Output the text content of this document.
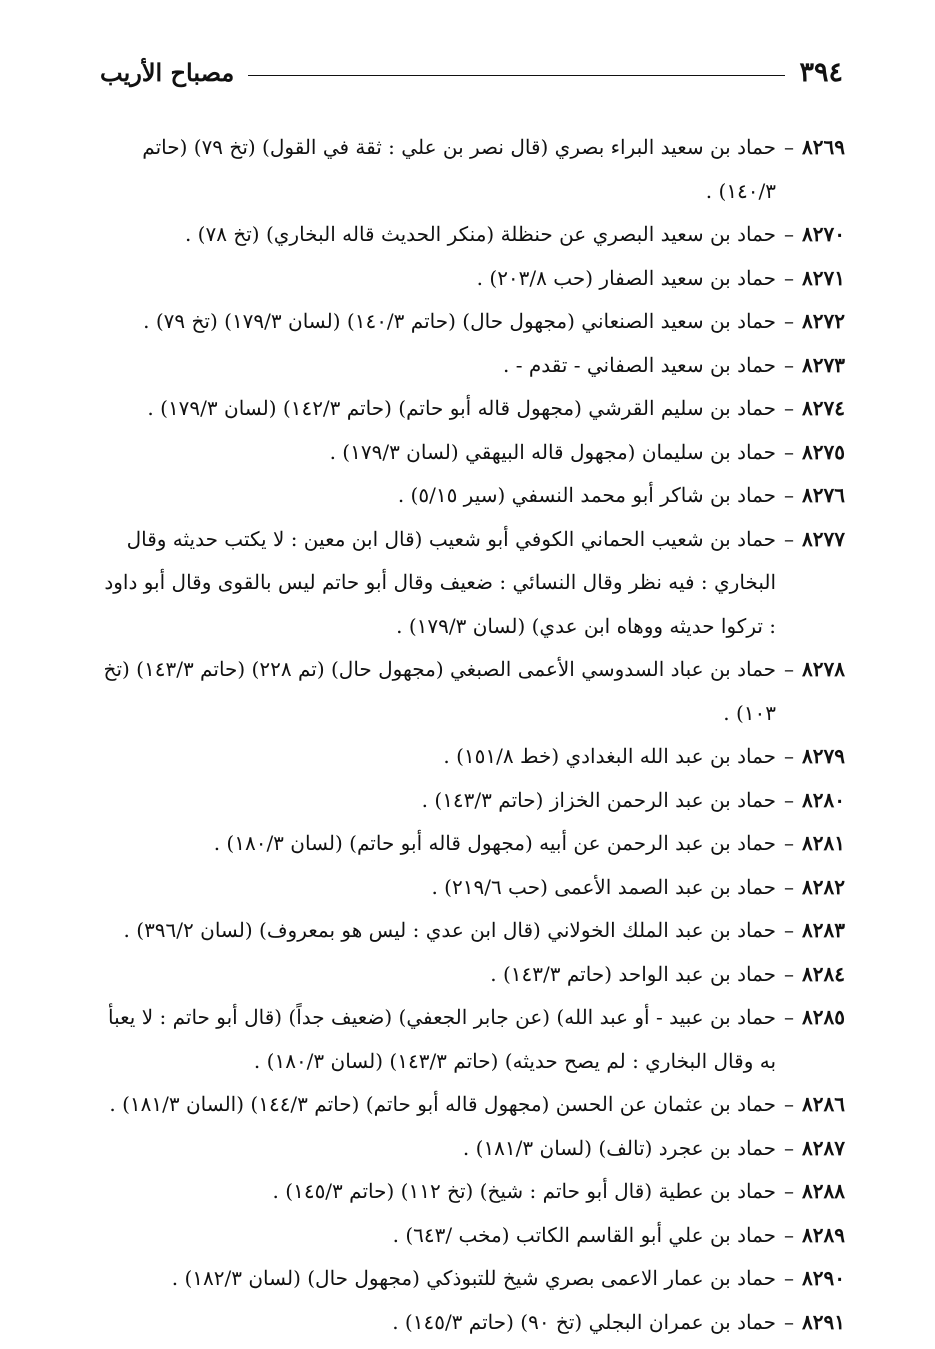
٣٩٤
مصباح الأريب
٨٢٦٩
–
حماد بن سعيد البراء بصري (قال نصر بن علي : ثقة في القول) (تخ ٧٩) (حاتم ١٤٠/٣) .
٨٢٧٠
–
حماد بن سعيد البصري عن حنظلة (منكر الحديث قاله البخاري) (تخ ٧٨) .
٨٢٧١
–
حماد بن سعيد الصفار (حب ٢٠٣/٨) .
٨٢٧٢
–
حماد بن سعيد الصنعاني (مجهول حال) (حاتم ١٤٠/٣) (لسان ١٧٩/٣) (تخ ٧٩) .
٨٢٧٣
–
حماد بن سعيد الصفاني - تقدم - .
٨٢٧٤
–
حماد بن سليم القرشي (مجهول قاله أبو حاتم) (حاتم ١٤٢/٣) (لسان ١٧٩/٣) .
٨٢٧٥
–
حماد بن سليمان (مجهول قاله البيهقي (لسان ١٧٩/٣) .
٨٢٧٦
–
حماد بن شاكر أبو محمد النسفي (سير ٥/١٥) .
٨٢٧٧
–
حماد بن شعيب الحماني الكوفي أبو شعيب (قال ابن معين : لا يكتب حديثه وقال البخاري : فيه نظر وقال النسائي : ضعيف وقال أبو حاتم ليس بالقوى وقال أبو داود : تركوا حديثه ووهاه ابن عدي) (لسان ١٧٩/٣) .
٨٢٧٨
–
حماد بن عباد السدوسي الأعمى الصبغي (مجهول حال) (تم ٢٢٨) (حاتم ١٤٣/٣) (تخ ١٠٣) .
٨٢٧٩
–
حماد بن عبد الله البغدادي (خط ١٥١/٨) .
٨٢٨٠
–
حماد بن عبد الرحمن الخزاز (حاتم ١٤٣/٣) .
٨٢٨١
–
حماد بن عبد الرحمن عن أبيه (مجهول قاله أبو حاتم) (لسان ١٨٠/٣) .
٨٢٨٢
–
حماد بن عبد الصمد الأعمى (حب ٢١٩/٦) .
٨٢٨٣
–
حماد بن عبد الملك الخولاني (قال ابن عدي : ليس هو بمعروف) (لسان ٣٩٦/٢) .
٨٢٨٤
–
حماد بن عبد الواحد (حاتم ١٤٣/٣) .
٨٢٨٥
–
حماد بن عبيد - أو عبد الله) (عن جابر الجعفي) (ضعيف جداً) (قال أبو حاتم : لا يعبأ به وقال البخاري : لم يصح حديثه) (حاتم ١٤٣/٣) (لسان ١٨٠/٣) .
٨٢٨٦
–
حماد بن عثمان عن الحسن (مجهول قاله أبو حاتم) (حاتم ١٤٤/٣) (السان ١٨١/٣) .
٨٢٨٧
–
حماد بن عجرد (تالف) (لسان ١٨١/٣) .
٨٢٨٨
–
حماد بن عطية (قال أبو حاتم : شيخ) (تخ ١١٢) (حاتم ١٤٥/٣) .
٨٢٨٩
–
حماد بن علي أبو القاسم الكاتب (مخب /٦٤٣) .
٨٢٩٠
–
حماد بن عمار الاعمى بصري شيخ للتبوذكي (مجهول حال) (لسان ١٨٢/٣) .
٨٢٩١
–
حماد بن عمران البجلي (تخ ٩٠) (حاتم ١٤٥/٣) .
